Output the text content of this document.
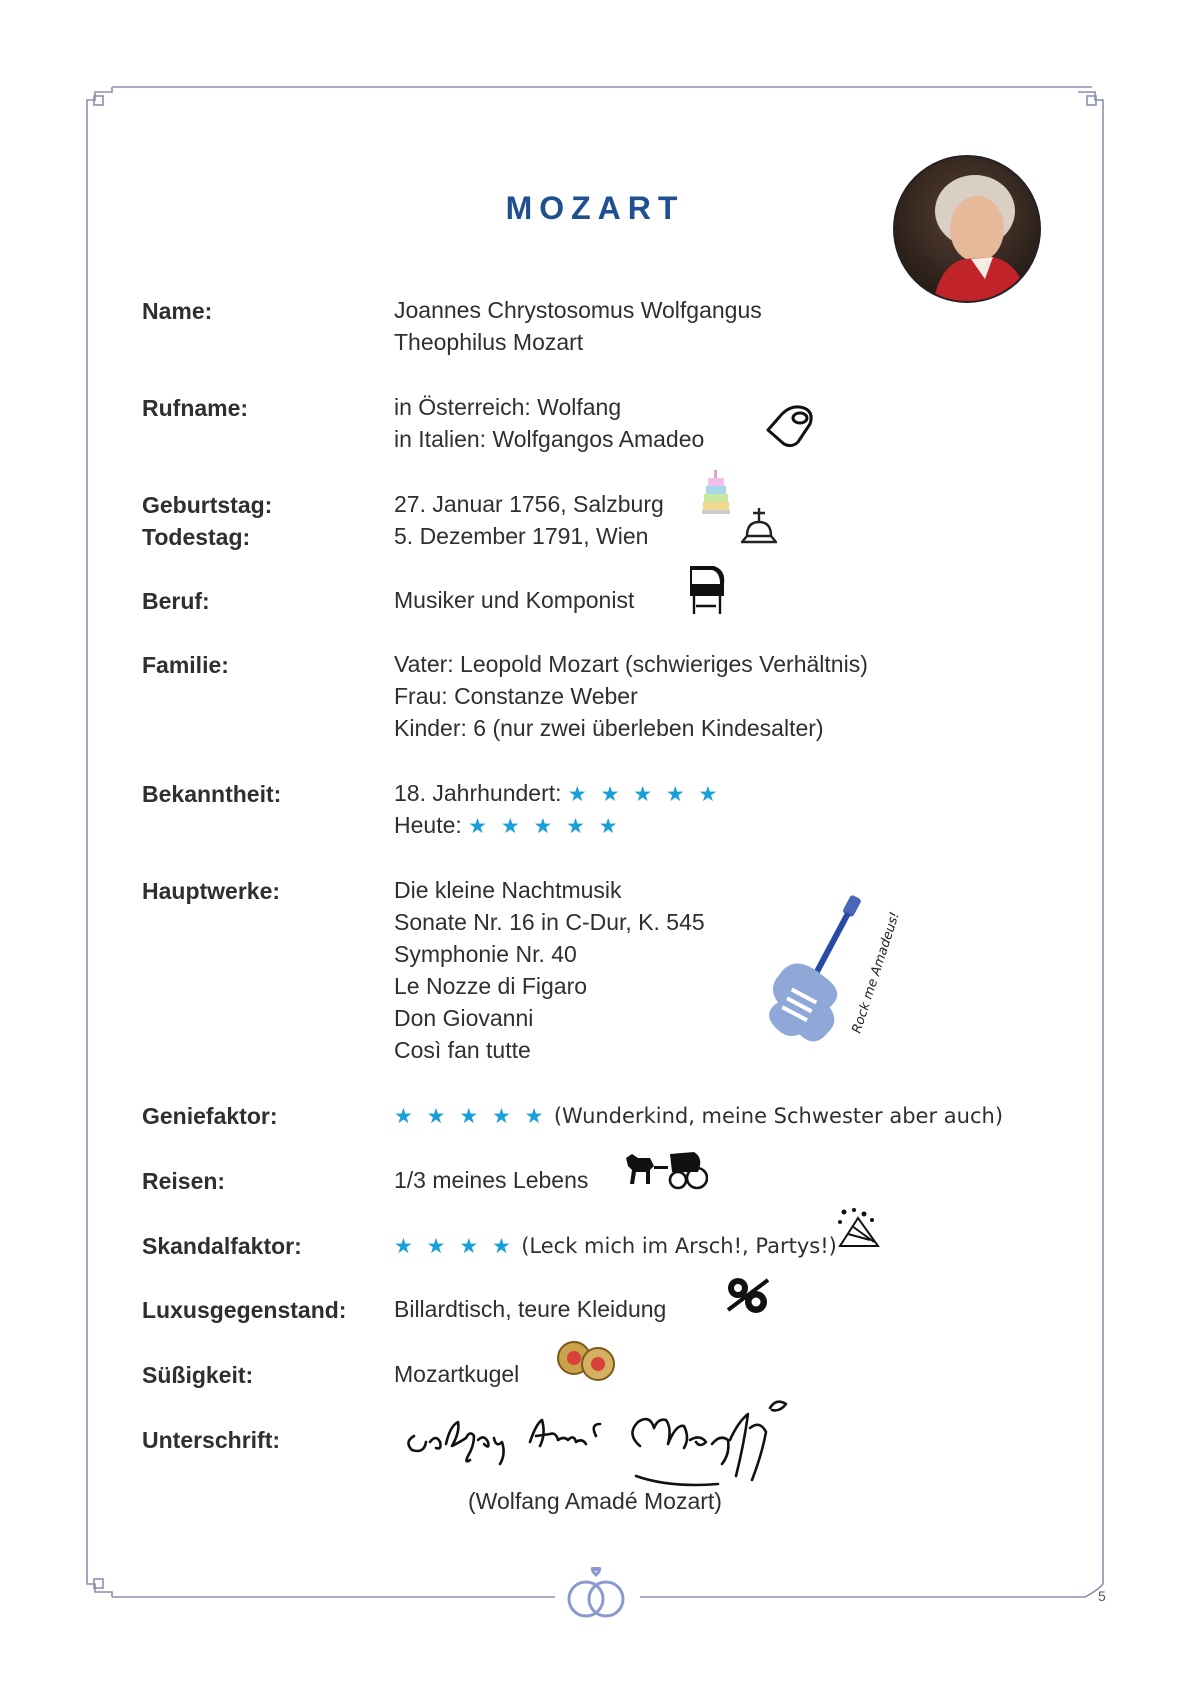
MOZART
Name:	Joannes Chrystosomus Wolfgangus
Theophilus Mozart
Rufname:	in Österreich: Wolfang
in Italien: Wolfgangos Amadeo
Geburtstag:	27. Januar 1756, Salzburg
Todestag:	5. Dezember 1791, Wien
Beruf:	Musiker und Komponist
Familie:	Vater: Leopold Mozart (schwieriges Verhältnis)
Frau: Constanze Weber
Kinder: 6 (nur zwei überleben Kindesalter)
Bekanntheit:	18. Jahrhundert: ★ ★ ★ ★ ★
Heute: ★ ★ ★ ★ ★
Hauptwerke:	Die kleine Nachtmusik
Sonate Nr. 16 in C-Dur, K. 545
Symphonie Nr. 40
Le Nozze di Figaro
Don Giovanni
Così fan tutte
Rock me Amadeus!
Geniefaktor:	★ ★ ★ ★ ★ (Wunderkind, meine Schwester aber auch)
Reisen:	1/3 meines Lebens
Skandalfaktor:	★ ★ ★ ★ (Leck mich im Arsch!, Partys!)
Luxusgegenstand: Billardtisch, teure Kleidung
Süßigkeit:	Mozartkugel
Unterschrift:
(Wolfang Amadé Mozart)
5
